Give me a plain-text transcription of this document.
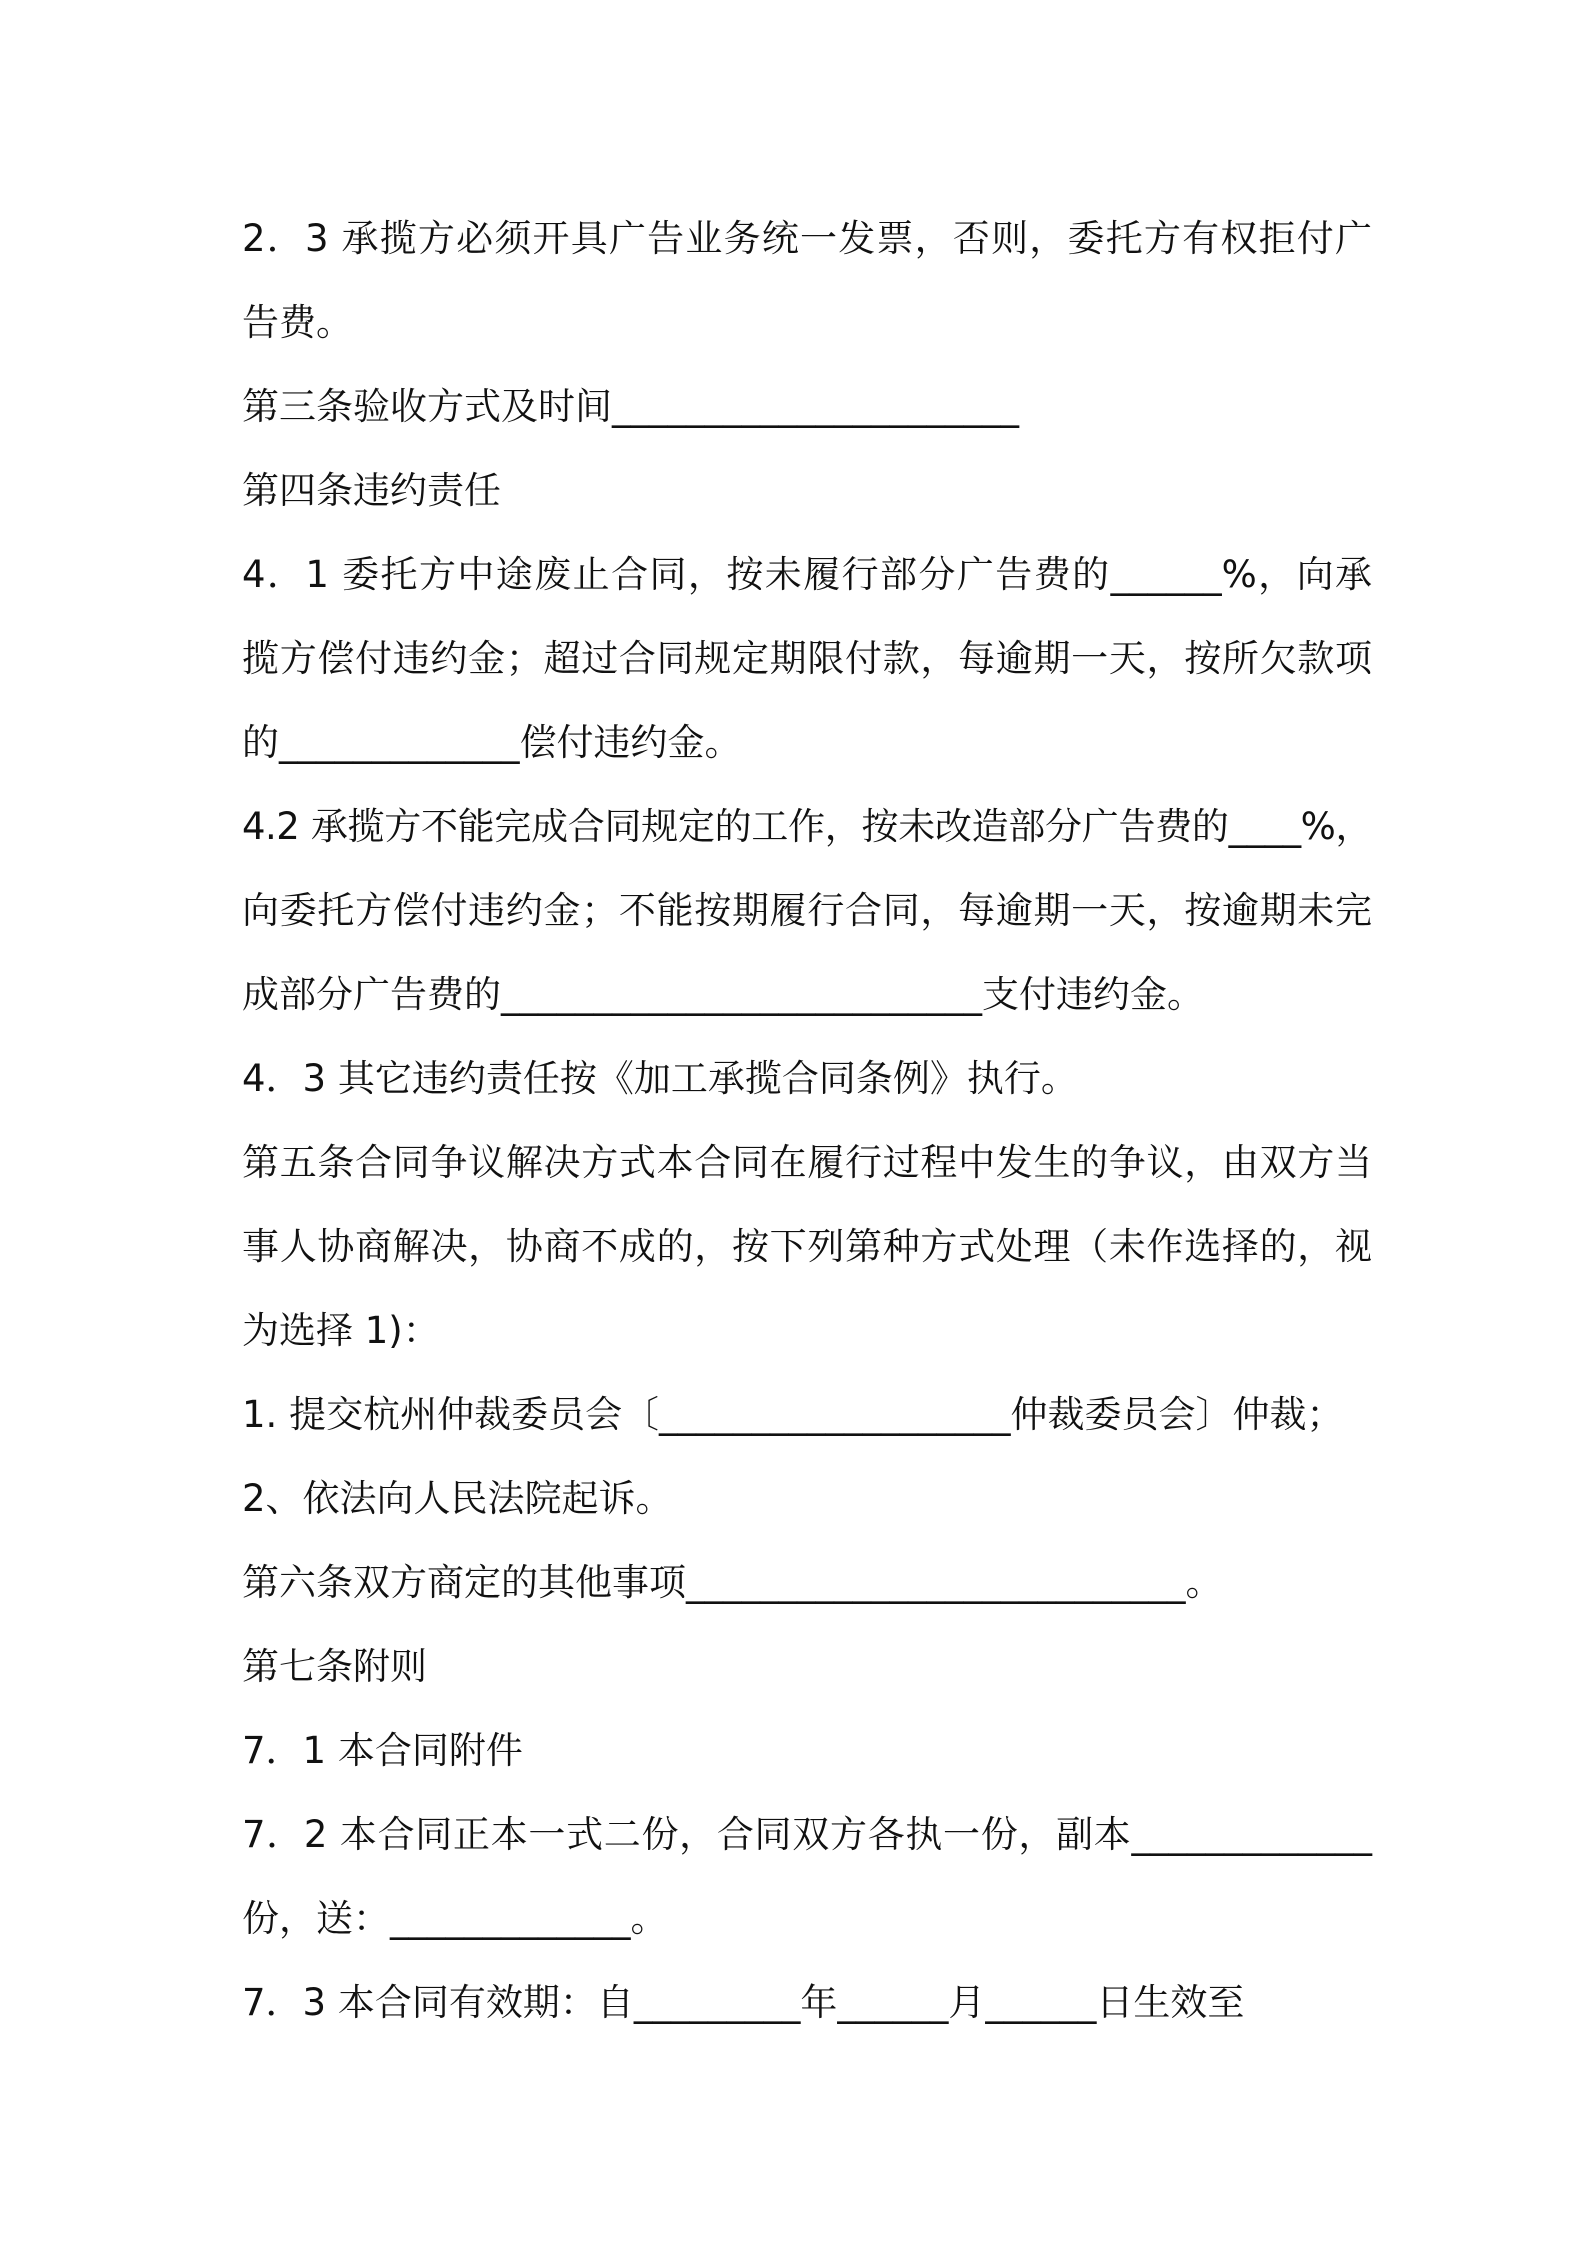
2．3 承揽方必须开具广告业务统一发票，否则，委托方有权拒付广
告费。
第三条验收方式及时间______________________
第四条违约责任
4．1 委托方中途废止合同，按未履行部分广告费的______%，向承
揽方偿付违约金；超过合同规定期限付款，每逾期一天，按所欠款项
的_____________偿付违约金。
4.2 承揽方不能完成合同规定的工作，按未改造部分广告费的____%，
向委托方偿付违约金；不能按期履行合同，每逾期一天，按逾期未完
成部分广告费的__________________________支付违约金。
4．3 其它违约责任按《加工承揽合同条例》执行。
第五条合同争议解决方式本合同在履行过程中发生的争议，由双方当
事人协商解决，协商不成的，按下列第种方式处理（未作选择的，视
为选择 1)：
1. 提交杭州仲裁委员会〔___________________仲裁委员会〕仲裁；
2、依法向人民法院起诉。
第六条双方商定的其他事项___________________________。
第七条附则
7．1 本合同附件
7．2 本合同正本一式二份，合同双方各执一份，副本_____________
份，送：_____________。
7．3 本合同有效期：自_________年______月______日生效至
